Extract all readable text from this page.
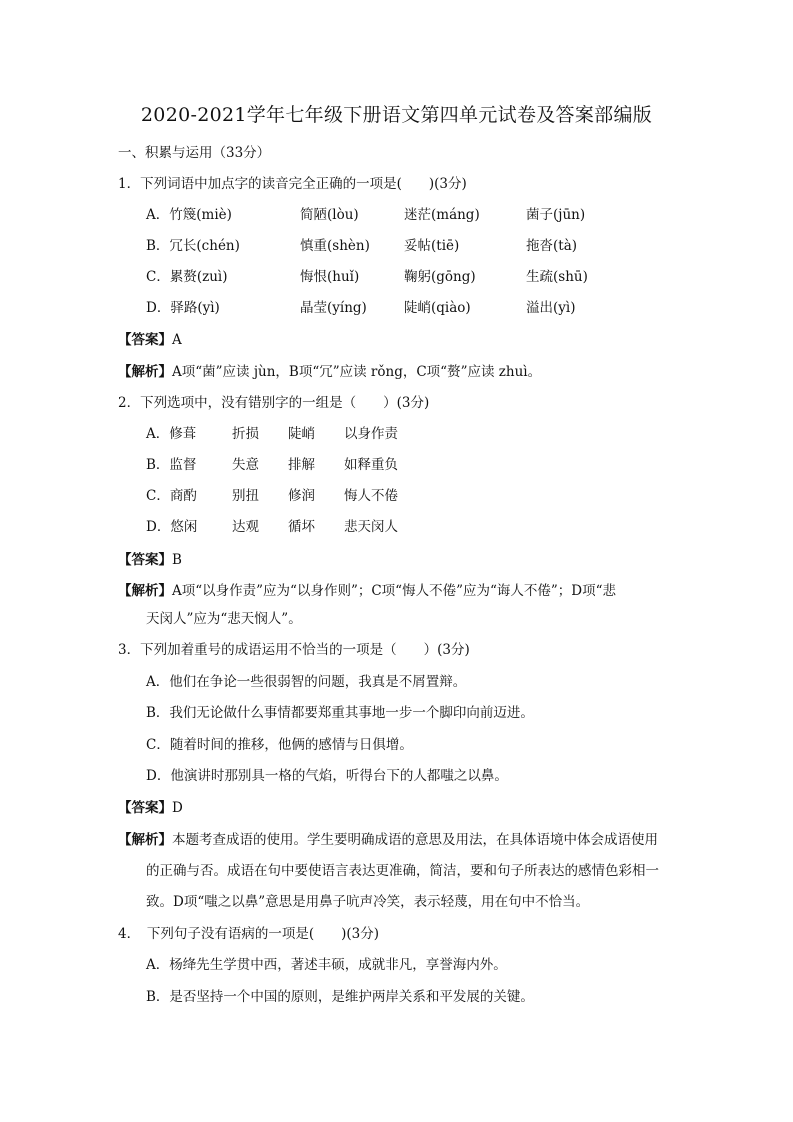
2020-2021学年七年级下册语文第四单元试卷及答案部编版
一、积累与运用（33分）
1．下列词语中加点字的读音完全正确的一项是(　　)(3分)
A．竹篾(miè)	简陋(lòu)	迷茫(máng)	菌子(jūn)
B．冗长(chén)	慎重(shèn)	妥帖(tiē)	拖沓(tà)
C．累赘(zuì)	悔恨(huǐ)	鞠躬(gōng)	生疏(shū)
D．驿路(yì)	晶莹(yíng)	陡峭(qiào)	溢出(yì)
【答案】A
【解析】A项“菌”应读 jùn，B项“冗”应读 rǒng，C项“赘”应读 zhuì。
2．下列选项中，没有错别字的一组是（　　）(3分)
A．修葺	折损 陡峭 以身作责
B．监督	失意 排解 如释重负
C．商酌	别扭 修润 悔人不倦
D．悠闲	达观 循坏 悲天闵人
【答案】B
【解析】A项“以身作责”应为“以身作则”；C项“悔人不倦”应为“诲人不倦”；D项“悲
天闵人”应为“悲天悯人”。
3．下列加着重号的成语运用不恰当的一项是（　　）(3分)
A．他们在争论一些很弱智的问题，我真是不屑置辩。
B．我们无论做什么事情都要郑重其事地一步一个脚印向前迈进。
C．随着时间的推移，他俩的感情与日俱增。
D．他演讲时那别具一格的气焰，听得台下的人都嗤之以鼻。
【答案】D
【解析】本题考查成语的使用。学生要明确成语的意思及用法，在具体语境中体会成语使用
的正确与否。成语在句中要使语言表达更准确，简洁，要和句子所表达的感情色彩相一
致。D项“嗤之以鼻”意思是用鼻子吭声冷笑，表示轻蔑，用在句中不恰当。
4．　下列句子没有语病的一项是(　　)(3分)
A．杨绛先生学贯中西，著述丰硕，成就非凡，享誉海内外。
B．是否坚持一个中国的原则，是维护两岸关系和平发展的关键。
